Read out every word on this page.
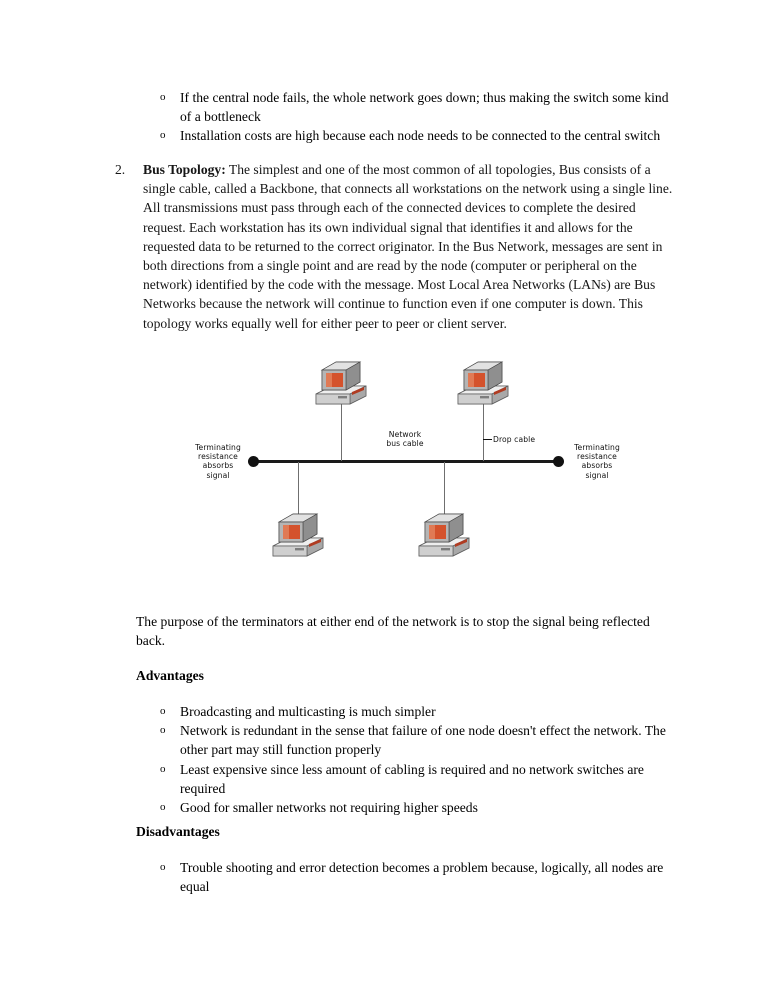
o If the central node fails, the whole network goes down; thus making the switch some kind of a bottleneck
o Installation costs are high because each node needs to be connected to the central switch
2. Bus Topology: The simplest and one of the most common of all topologies, Bus consists of a single cable, called a Backbone, that connects all workstations on the network using a single line. All transmissions must pass through each of the connected devices to complete the desired request. Each workstation has its own individual signal that identifies it and allows for the requested data to be returned to the correct originator. In the Bus Network, messages are sent in both directions from a single point and are read by the node (computer or peripheral on the network) identified by the code with the message. Most Local Area Networks (LANs) are Bus Networks because the network will continue to function even if one computer is down. This topology works equally well for either peer to peer or client server.
Terminating
resistance
absorbs
signal
Terminating
resistance
absorbs
signal
Network
bus cable	Drop cable
The purpose of the terminators at either end of the network is to stop the signal being reflected back.
Advantages
o Broadcasting and multicasting is much simpler
o Network is redundant in the sense that failure of one node doesn't effect the network. The other part may still function properly
o Least expensive since less amount of cabling is required and no network switches are required
o Good for smaller networks not requiring higher speeds
Disadvantages
o Trouble shooting and error detection becomes a problem because, logically, all nodes are equal
